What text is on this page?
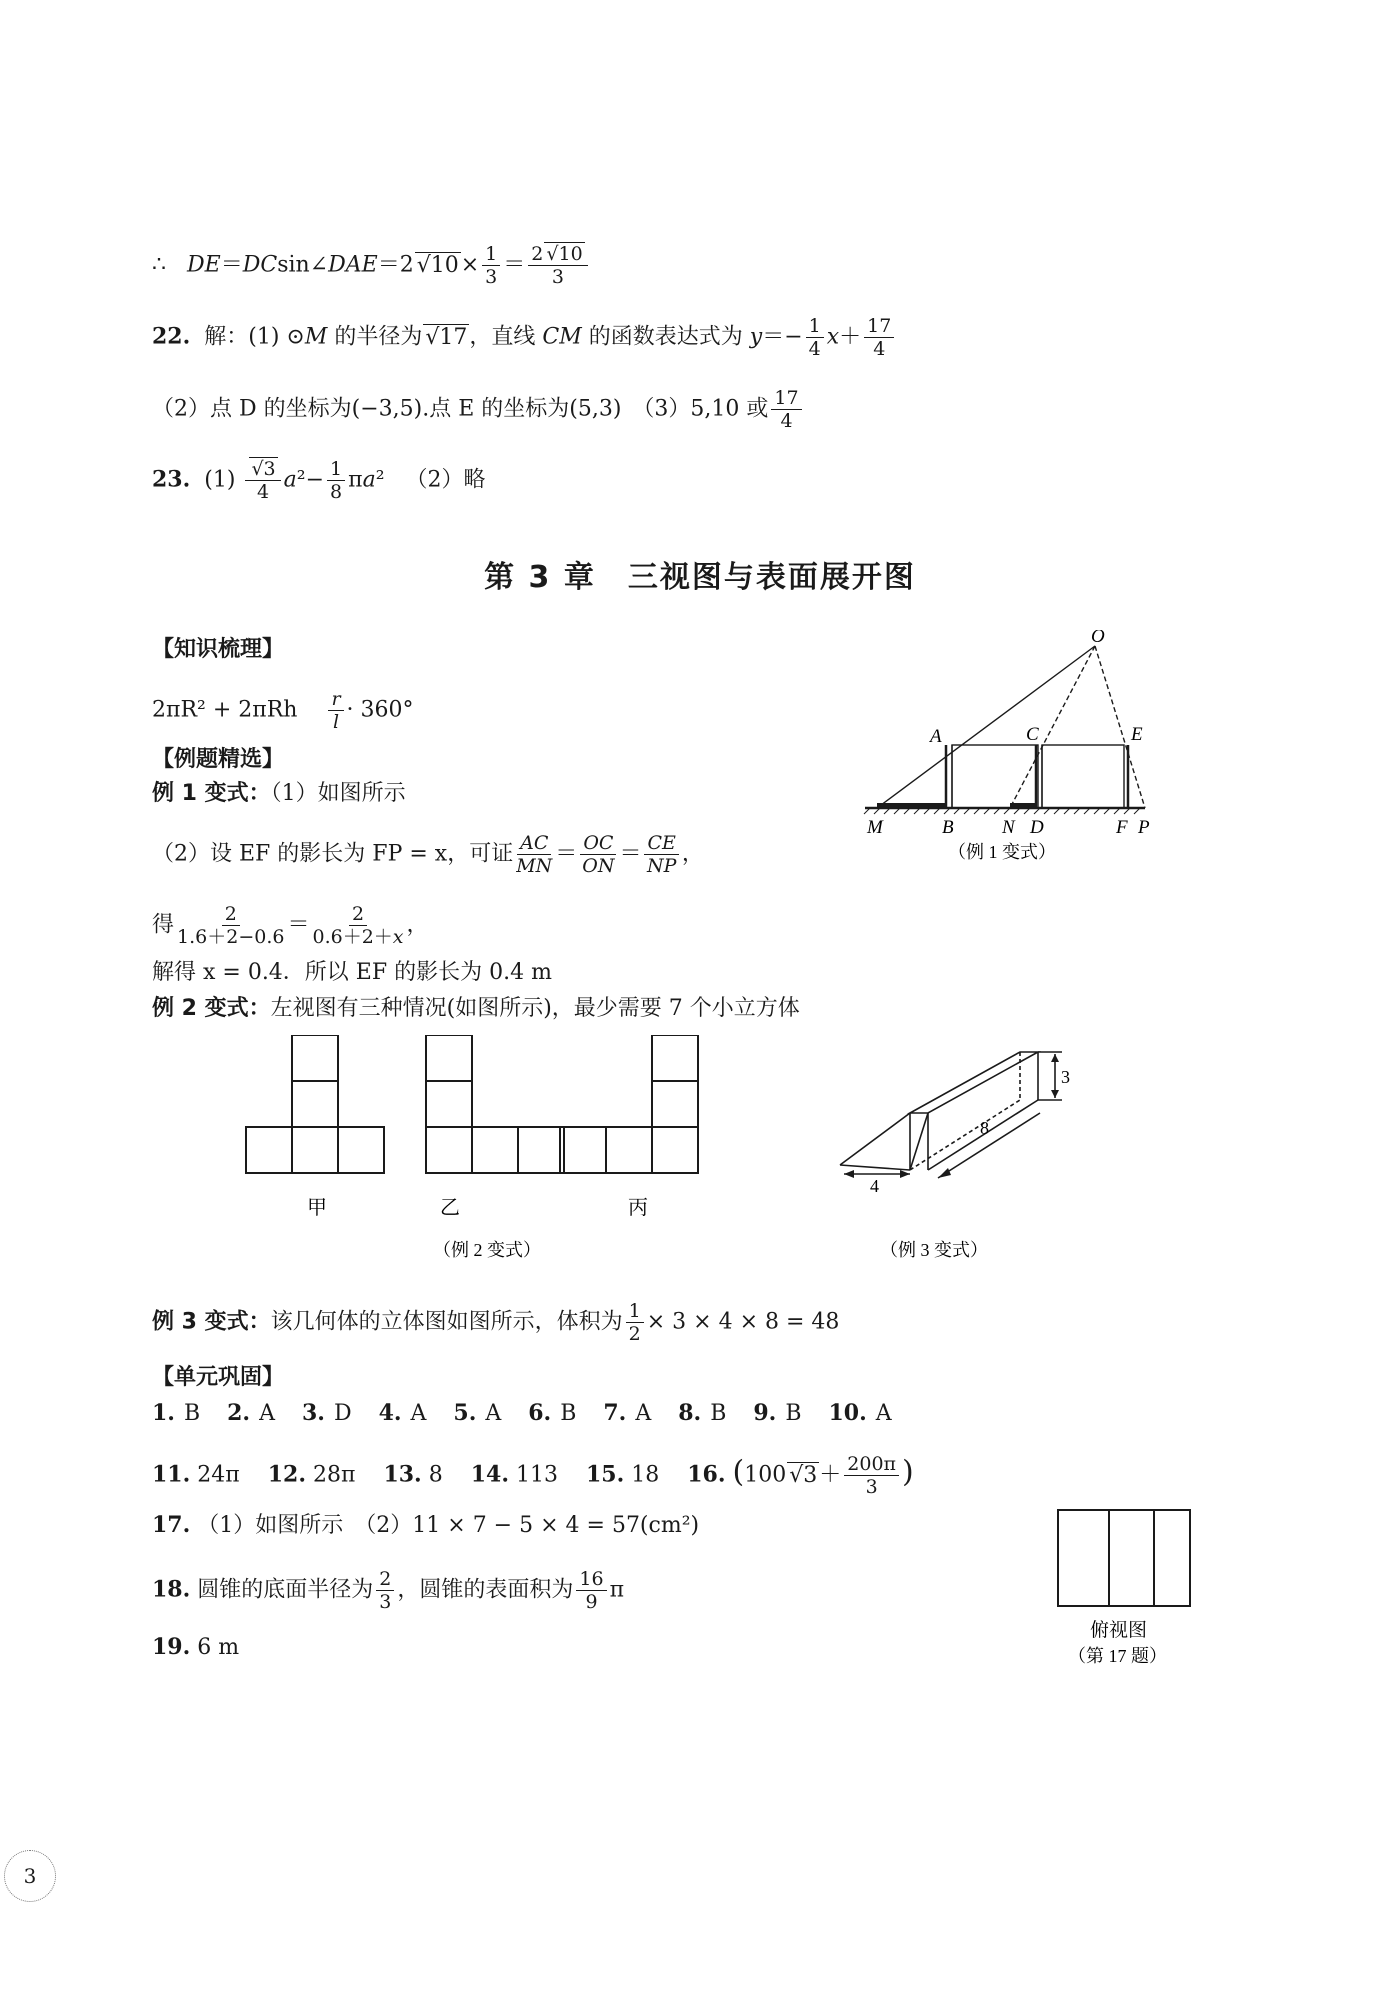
∴ DE＝DCsin∠DAE＝2 $√10\times \frac{1}{3} = \frac{2 √10}{3}$
22.  解：(1) ⊙M 的半径为 √17，直线 CM 的函数表达式为 $y=- \frac{1}{4} x+ \frac{17}{4}$
（2）点 D 的坐标为(−3,5).点 E 的坐标为(5,3)　（3）5,10 或 $\frac{17}{4}$
23.  $(1) \frac{√3}{4} a^2- \frac{1}{8} \pi a^2$   （2）略
第 3 章　三视图与表面展开图
【知识梳理】
$2\pi R^2 + 2\pi Rh \frac{r}{l} \cdot 360^\circ$
【例题精选】
例 1 变式：（1）如图所示
（2）设 EF 的影长为 FP = x，可证 $\frac{AC}{MN} = \frac{OC}{ON} = \frac{CE}{NP}$ ，
得 $\frac{2}{1.6+2-0.6} = \frac{2}{0.6+2+x}$ ，
解得 x = 0.4．所以 EF 的影长为 0.4 m
例 2 变式：左视图有三种情况(如图所示)，最少需要 7 个小立方体
O
A	C	E
M	B	N D	F P
（例 1 变式）
甲	乙	丙
（例 2 变式）
3
8
4
（例 3 变式）
例 3 变式：该几何体的立体图如图所示，体积为 $\frac{1}{2} \times 3 \times 4 \times 8 = 48$
【单元巩固】
1. B 2. A 3. D 4. A 5. A 6. B 7. A 8. B 9. B 10. A
11. 24π 12. 28π 13. 8 14. 113 15. 18 16. (100 $√3+ \frac{200\pi}{3}$ )
17. （1）如图所示　（2）11 × 7 − 5 × 4 = 57(cm²)
18. 圆锥的底面半径为 $\frac{2}{3}$ ，圆锥的表面积为 $\frac{16}{9}$ π
19. 6 m
俯视图
（第 17 题）
3
